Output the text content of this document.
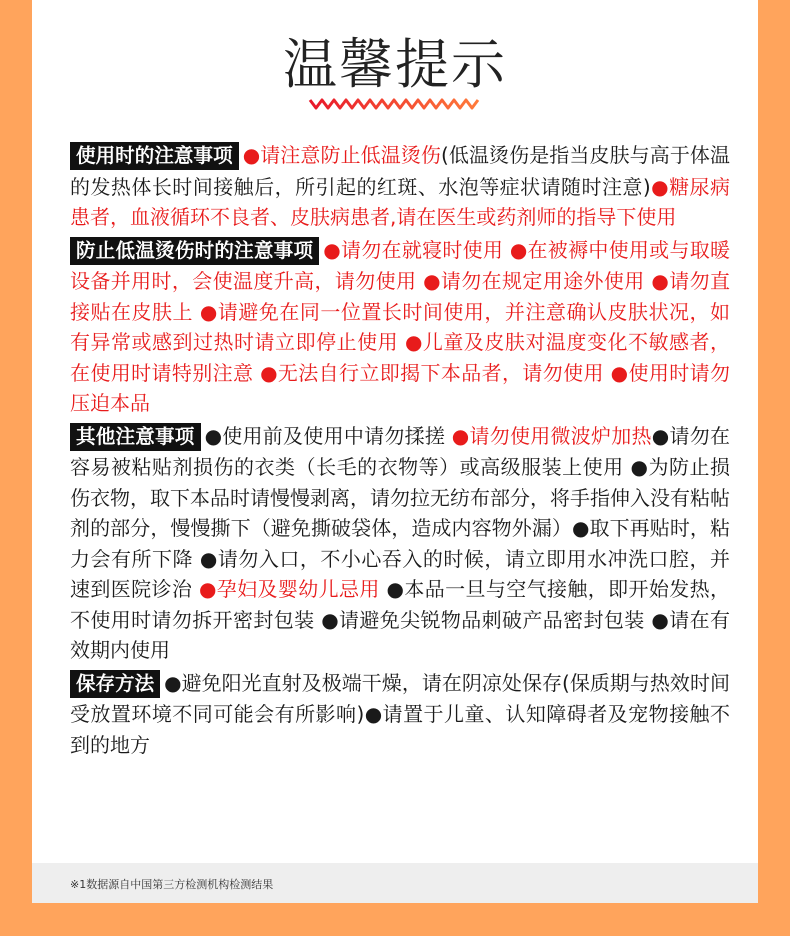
温馨提示
使用时的注意事项 ●请注意防止低温烫伤(低温烫伤是指当皮肤与高于体温的发热体长时间接触后，所引起的红斑、水泡等症状请随时注意)●糖尿病患者，血液循环不良者、皮肤病患者,请在医生或药剂师的指导下使用
防止低温烫伤时的注意事项 ●请勿在就寝时使用 ●在被褥中使用或与取暖设备并用时，会使温度升高，请勿使用 ●请勿在规定用途外使用 ●请勿直接贴在皮肤上 ●请避免在同一位置长时间使用，并注意确认皮肤状况，如有异常或感到过热时请立即停止使用 ●儿童及皮肤对温度变化不敏感者，在使用时请特别注意 ●无法自行立即揭下本品者，请勿使用 ●使用时请勿压迫本品
其他注意事项 ●使用前及使用中请勿揉搓 ●请勿使用微波炉加热●请勿在容易被粘贴剂损伤的衣类（长毛的衣物等）或高级服装上使用 ●为防止损伤衣物，取下本品时请慢慢剥离，请勿拉无纺布部分，将手指伸入没有粘帖剂的部分，慢慢撕下（避免撕破袋体，造成内容物外漏）●取下再贴时，粘力会有所下降 ●请勿入口，不小心吞入的时候，请立即用水冲洗口腔，并速到医院诊治 ●孕妇及婴幼儿忌用 ●本品一旦与空气接触，即开始发热，不使用时请勿拆开密封包装 ●请避免尖锐物品刺破产品密封包装 ●请在有效期内使用
保存方法 ●避免阳光直射及极端干燥，请在阴凉处保存(保质期与热效时间受放置环境不同可能会有所影响)●请置于儿童、认知障碍者及宠物接触不到的地方
※1数据源自中国第三方检测机构检测结果
